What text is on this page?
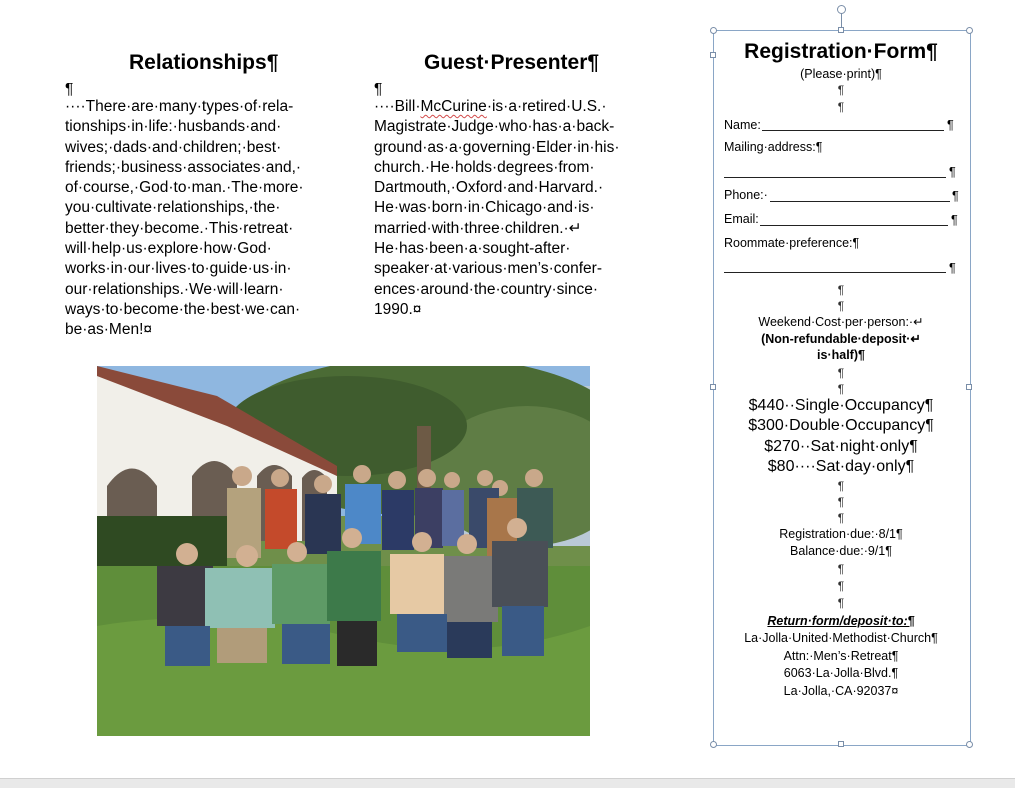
Relationships¶
¶
····There·are·many·types·of·rela-
tionships·in·life:·husbands·and·
wives;·dads·and·children;·best·
friends;·business·associates·and,·
of·course,·God·to·man.·The·more·
you·cultivate·relationships,·the·
better·they·become.·This·retreat·
will·help·us·explore·how·God·
works·in·our·lives·to·guide·us·in·
our·relationships.·We·will·learn·
ways·to·become·the·best·we·can·
be·as·Men!¤
Guest·Presenter¶
¶
····Bill·McCurine·is·a·retired·U.S.·
Magistrate·Judge·who·has·a·back-
ground·as·a·governing·Elder·in·his·
church.·He·holds·degrees·from·
Dartmouth,·Oxford·and·Harvard.·
He·was·born·in·Chicago·and·is·
married·with·three·children.·↵
He·has·been·a·sought-after·
speaker·at·various·men’s·confer-
ences·around·the·country·since·
1990.¤
Registration·Form¶
(Please·print)¶
¶
¶
Name:	¶
Mailing·address:¶
¶
Phone:·	¶
Email:	¶
Roommate·preference:¶
¶
¶
¶
Weekend·Cost·per·person:·↵
(Non-refundable·deposit·↵
is·half)¶
¶
¶
$440··Single·Occupancy¶
$300·Double·Occupancy¶
$270··Sat·night·only¶
$80····Sat·day·only¶
¶
¶
¶
Registration·due:·8/1¶
Balance·due:·9/1¶
¶
¶
¶
Return·form/deposit·to:¶
La·Jolla·United·Methodist·Church¶
Attn:·Men’s·Retreat¶
6063·La·Jolla·Blvd.¶
La·Jolla,·CA·92037¤
